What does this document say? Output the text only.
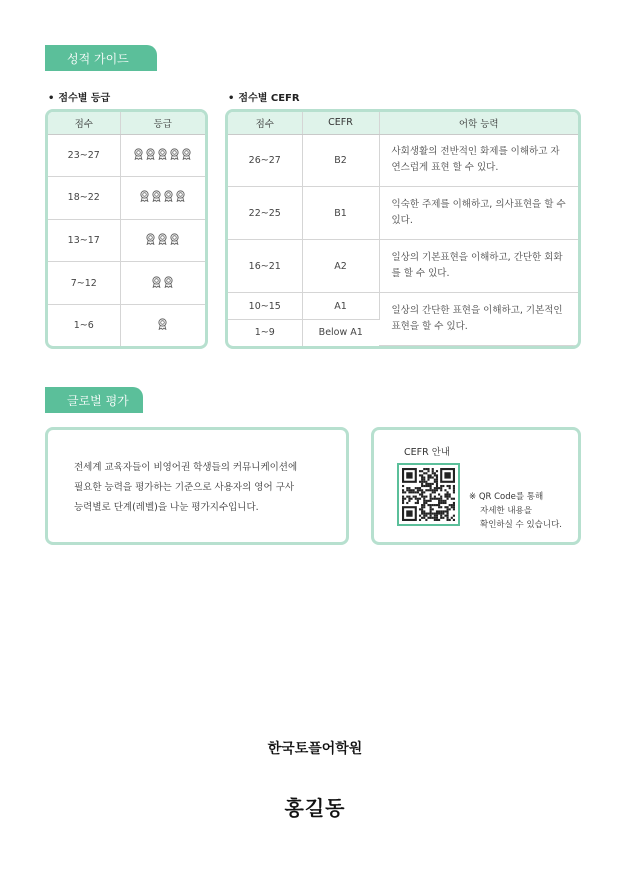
성적 가이드
• 점수별 등급	• 점수별 CEFR
점수	등급
23~27	

18~22	

13~17	

7~12	

1~6	
점수	CEFR	어학 능력
26~27	B2	사회생활의 전반적인 화제를 이해하고 자연스럽게 표현 할 수 있다.
22~25	B1	익숙한 주제를 이해하고, 의사표현을 할 수 있다.
16~21	A2	일상의 기본표현을 이해하고, 간단한 회화를 할 수 있다.
10~15	A1	일상의 간단한 표현을 이해하고, 기본적인 표현을 할 수 있다.
1~9	Below A1	
글로벌 평가
전세계 교육자들이 비영어권 학생들의 커뮤니케이션에
필요한 능력을 평가하는 기준으로 사용자의 영어 구사
능력별로 단계(레벨)을 나눈 평가지수입니다.
CEFR 안내
※ QR Code를 통해
자세한 내용을
확인하실 수 있습니다.
한국토플어학원
홍길동
